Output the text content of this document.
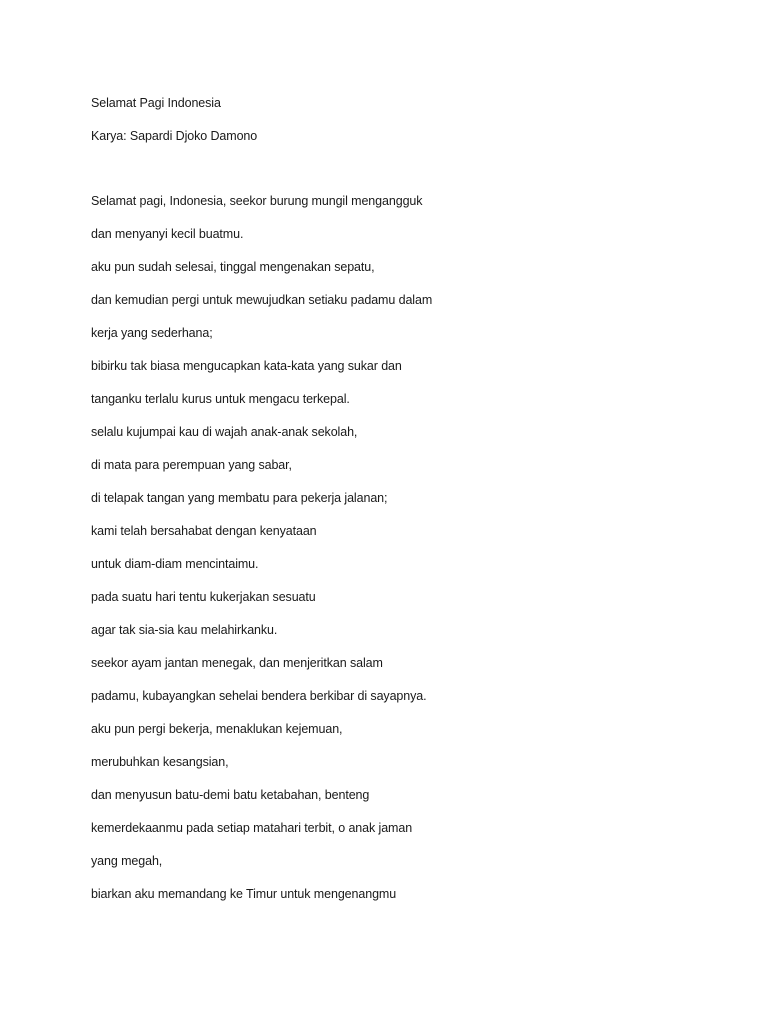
Selamat Pagi Indonesia
Karya: Sapardi Djoko Damono
Selamat pagi, Indonesia, seekor burung mungil mengangguk
dan menyanyi kecil buatmu.
aku pun sudah selesai, tinggal mengenakan sepatu,
dan kemudian pergi untuk mewujudkan setiaku padamu dalam
kerja yang sederhana;
bibirku tak biasa mengucapkan kata-kata yang sukar dan
tanganku terlalu kurus untuk mengacu terkepal.
selalu kujumpai kau di wajah anak-anak sekolah,
di mata para perempuan yang sabar,
di telapak tangan yang membatu para pekerja jalanan;
kami telah bersahabat dengan kenyataan
untuk diam-diam mencintaimu.
pada suatu hari tentu kukerjakan sesuatu
agar tak sia-sia kau melahirkanku.
seekor ayam jantan menegak, dan menjeritkan salam
padamu, kubayangkan sehelai bendera berkibar di sayapnya.
aku pun pergi bekerja, menaklukan kejemuan,
merubuhkan kesangsian,
dan menyusun batu-demi batu ketabahan, benteng
kemerdekaanmu pada setiap matahari terbit, o anak jaman
yang megah,
biarkan aku memandang ke Timur untuk mengenangmu
